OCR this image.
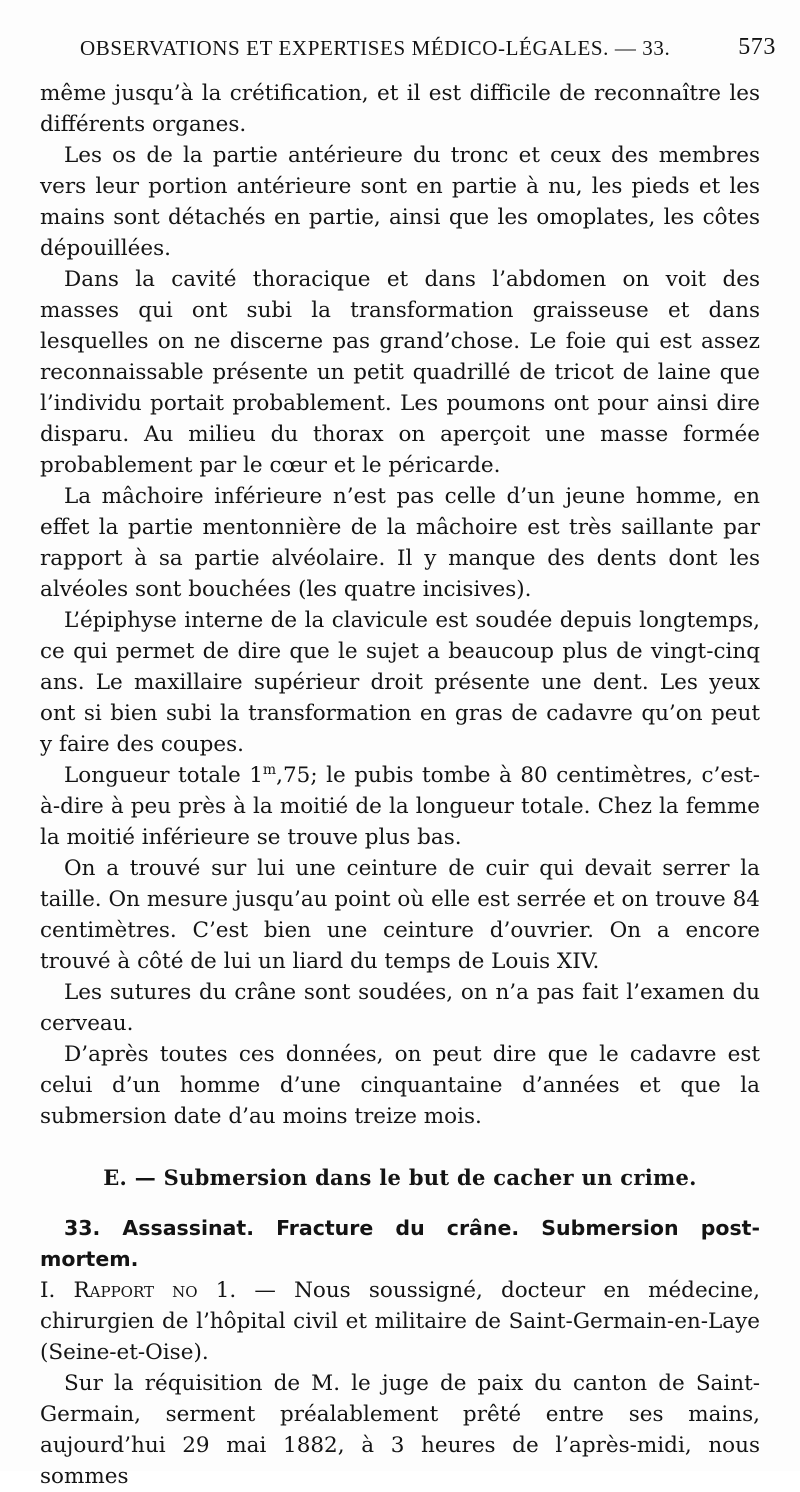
OBSERVATIONS ET EXPERTISES MÉDICO-LÉGALES. — 33.	573

même jusqu’à la crétification, et il est difficile de reconnaître les différents organes.

Les os de la partie antérieure du tronc et ceux des membres vers leur portion antérieure sont en partie à nu, les pieds et les mains sont détachés en partie, ainsi que les omoplates, les côtes dépouillées.

Dans la cavité thoracique et dans l’abdomen on voit des masses qui ont subi la transformation graisseuse et dans lesquelles on ne discerne pas grand’chose. Le foie qui est assez reconnaissable présente un petit quadrillé de tricot de laine que l’individu portait probablement. Les poumons ont pour ainsi dire disparu. Au milieu du thorax on aperçoit une masse formée probablement par le cœur et le péricarde.

La mâchoire inférieure n’est pas celle d’un jeune homme, en effet la partie mentonnière de la mâchoire est très saillante par rapport à sa partie alvéolaire. Il y manque des dents dont les alvéoles sont bouchées (les quatre incisives).

L’épiphyse interne de la clavicule est soudée depuis longtemps, ce qui permet de dire que le sujet a beaucoup plus de vingt-cinq ans. Le maxillaire supérieur droit présente une dent. Les yeux ont si bien subi la transformation en gras de cadavre qu’on peut y faire des coupes.

Longueur totale 1$^m$,75; le pubis tombe à 80 centimètres, c’est-à-dire à peu près à la moitié de la longueur totale. Chez la femme la moitié inférieure se trouve plus bas.

On a trouvé sur lui une ceinture de cuir qui devait serrer la taille. On mesure jusqu’au point où elle est serrée et on trouve 84 centimètres. C’est bien une ceinture d’ouvrier. On a encore trouvé à côté de lui un liard du temps de Louis XIV.

Les sutures du crâne sont soudées, on n’a pas fait l’examen du cerveau.

D’après toutes ces données, on peut dire que le cadavre est celui d’un homme d’une cinquantaine d’années et que la submersion date d’au moins treize mois.

E. — Submersion dans le but de cacher un crime.

33. Assassinat. Fracture du crâne. Submersion post-mortem.

I. Rapport no 1. — Nous soussigné, docteur en médecine, chirurgien de l’hôpital civil et militaire de Saint-Germain-en-Laye (Seine-et-Oise).

Sur la réquisition de M. le juge de paix du canton de Saint-Germain, serment préalablement prêté entre ses mains, aujourd’hui 29 mai 1882, à 3 heures de l’après-midi, nous sommes
